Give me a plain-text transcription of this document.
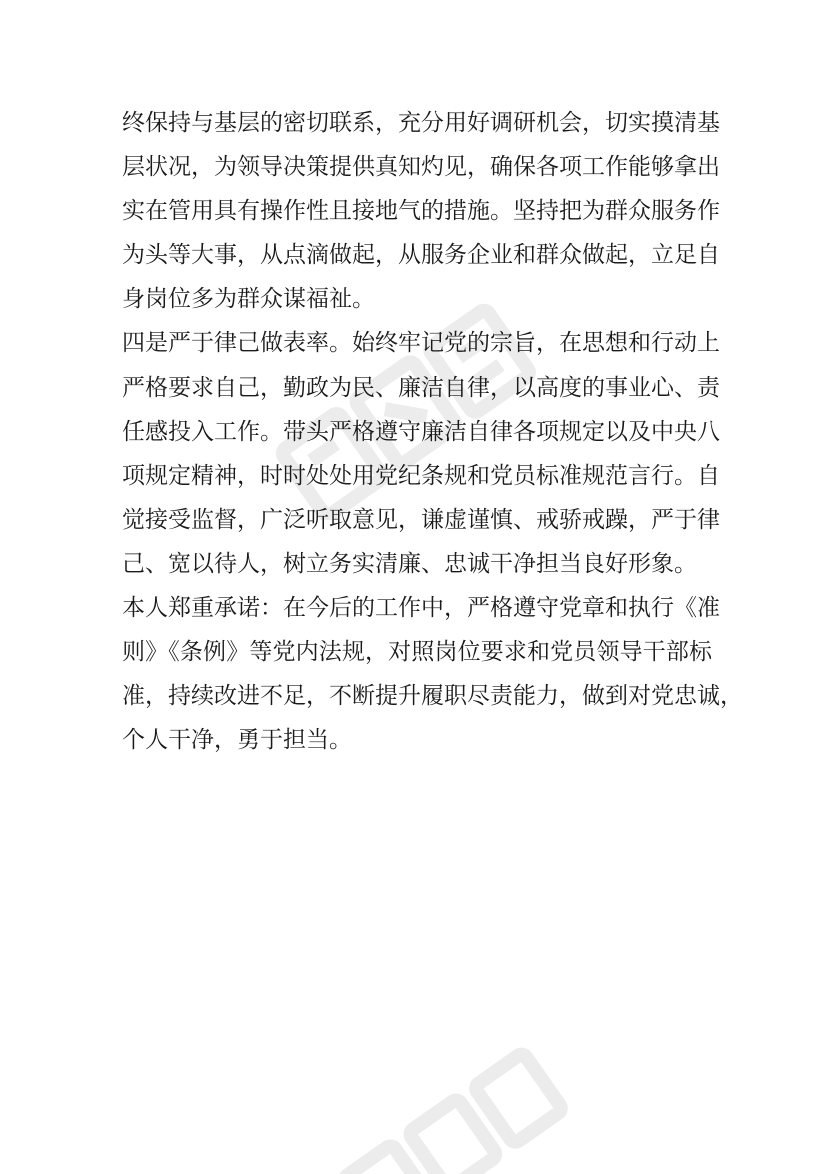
终保持与基层的密切联系，充分用好调研机会，切实摸清基
层状况，为领导决策提供真知灼见，确保各项工作能够拿出
实在管用具有操作性且接地气的措施。坚持把为群众服务作
为头等大事，从点滴做起，从服务企业和群众做起，立足自
身岗位多为群众谋福祉。
四是严于律己做表率。始终牢记党的宗旨，在思想和行动上
严格要求自己，勤政为民、廉洁自律，以高度的事业心、责
任感投入工作。带头严格遵守廉洁自律各项规定以及中央八
项规定精神，时时处处用党纪条规和党员标准规范言行。自
觉接受监督，广泛听取意见，谦虚谨慎、戒骄戒躁，严于律
己、宽以待人，树立务实清廉、忠诚干净担当良好形象。
本人郑重承诺：在今后的工作中，严格遵守党章和执行《准
则》《条例》等党内法规，对照岗位要求和党员领导干部标
准，持续改进不足，不断提升履职尽责能力，做到对党忠诚，
个人干净，勇于担当。
